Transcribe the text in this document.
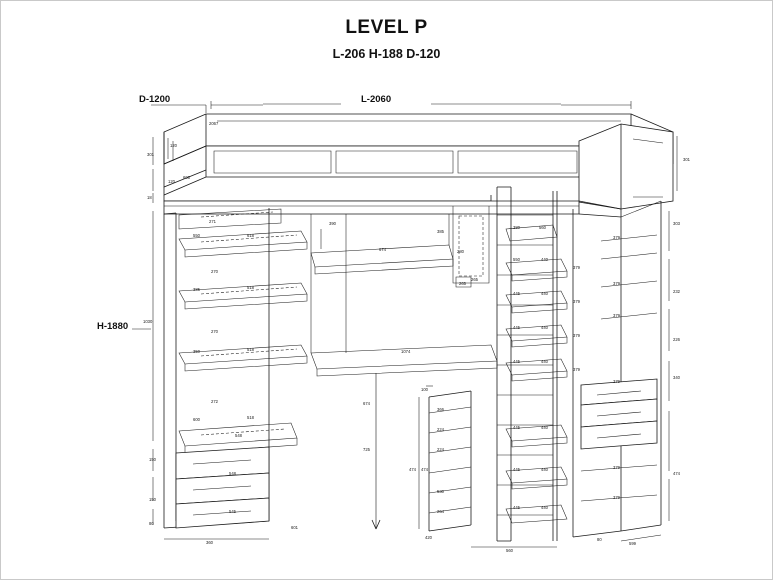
LEVEL P
L-206 H-188 D-120
D-1200	L-2060
H-1880
2067
120
120
301
606
18
301
271
550	618
385	518
270
350	518
270
600	518
272
548
150
548
150
545
80
1030
360
601
390
674
1074
674
725
385
280
265
560
380	560
550	440
379
445	440
379
445	440
379
445	440
379
445	440
445	440
445	440
379
379
379
379
379
379
303
232
226
340
474
599
80
366
224
224
474
530
264
474
420
100
265
